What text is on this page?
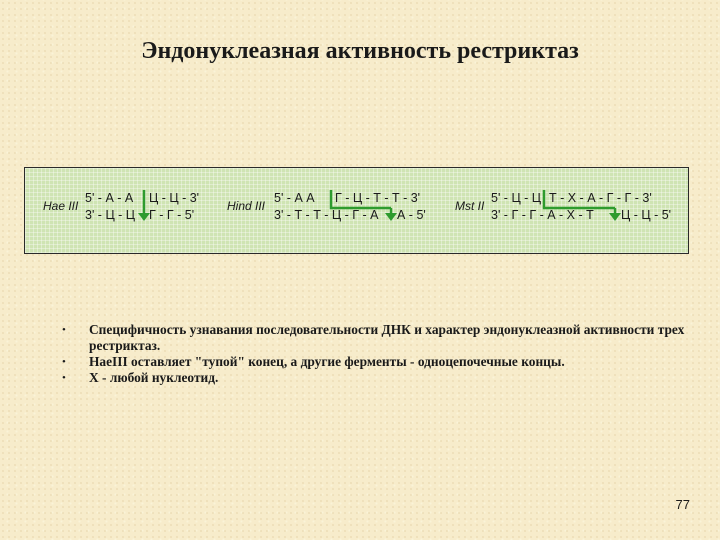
Эндонуклеазная активность рестриктаз
Hae III
5' - А - А Ц - Ц - 3'
3' - Ц - Ц Г - Г - 5'
Hind III
5' - А А Г - Ц - Т - Т - 3'
3' - Т - Т - Ц - Г - А А - 5'
Mst II
5' - Ц - Ц Т - Х - А - Г - Г - 3'
3' - Г - Г - А - Х - Т Ц - Ц - 5'
•	Специфичность узнавания последовательности ДНК и характер эндонуклеазной активности трех рестриктаз.
•	HaeIII оставляет "тупой" конец, а другие ферменты - одноцепочечные концы.
•	Х - любой нуклеотид.
77
